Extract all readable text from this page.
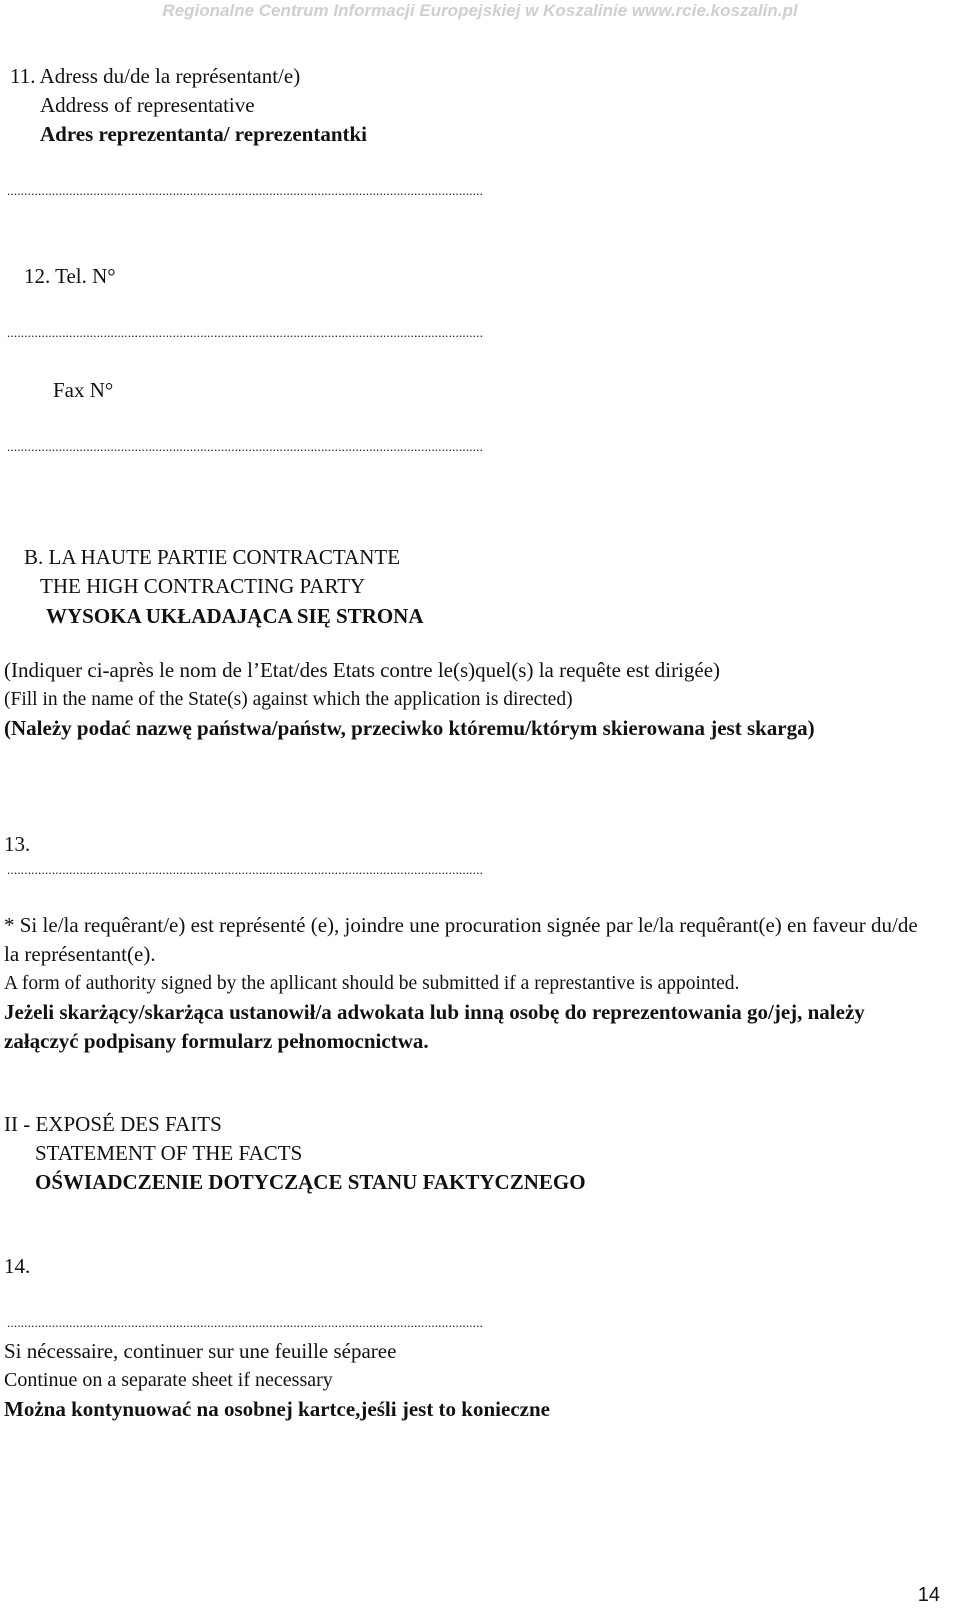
Regionalne Centrum Informacji Europejskiej w Koszalinie www.rcie.koszalin.pl
11. Adress du/de la représentant/e)
Address of representative
Adres reprezentanta/ reprezentantki
..........................................................................................................................................
12. Tel. N°
..........................................................................................................................................
Fax N°
..........................................................................................................................................
B. LA HAUTE PARTIE CONTRACTANTE
THE HIGH CONTRACTING PARTY
WYSOKA UKŁADAJĄCA SIĘ STRONA
(Indiquer ci-après le nom de l’Etat/des Etats contre le(s)quel(s) la requête est dirigée)
(Fill in the name of the State(s) against which the application is directed)
(Należy podać nazwę państwa/państw, przeciwko któremu/którym skierowana jest skarga)
13.
..........................................................................................................................................
* Si le/la requêrant/e) est représenté (e), joindre une procuration signée par le/la requêrant(e) en faveur du/de la représentant(e).
A form of authority signed by the apllicant should be submitted if a represtantive is appointed.
Jeżeli skarżący/skarżąca ustanowił/a adwokata lub inną osobę do reprezentowania go/jej, należy załączyć podpisany formularz pełnomocnictwa.
II - EXPOSÉ DES FAITS
STATEMENT OF THE FACTS
OŚWIADCZENIE DOTYCZĄCE STANU FAKTYCZNEGO
14.
..........................................................................................................................................
Si nécessaire, continuer sur une feuille séparee
Continue on a separate sheet if necessary
Można kontynuować na osobnej kartce,jeśli jest to konieczne
14
